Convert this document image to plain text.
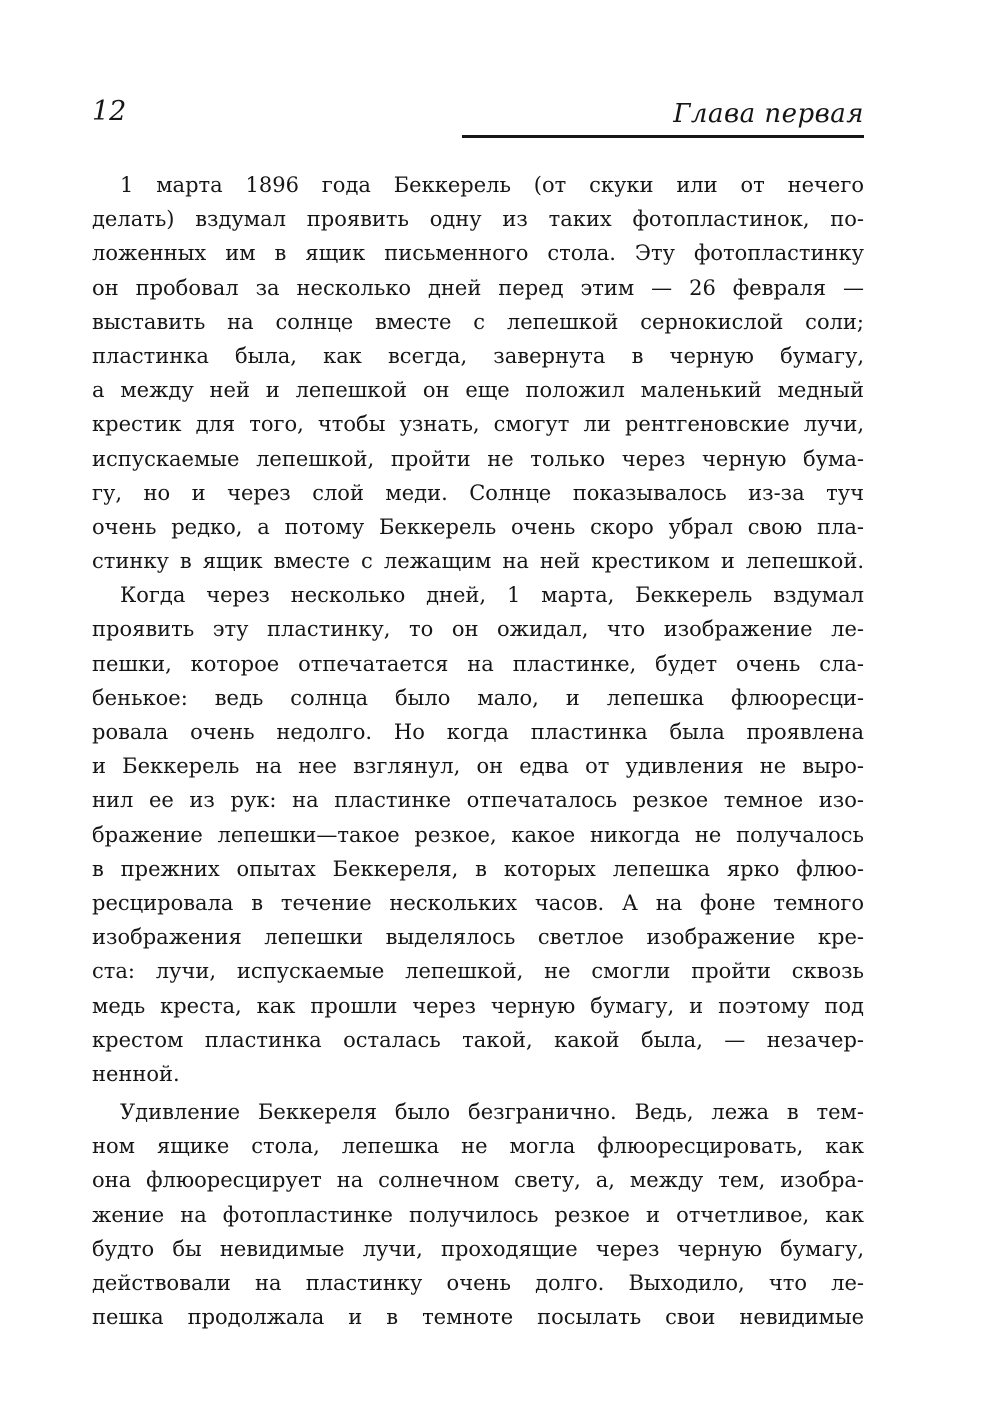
12	Глава первая
1 марта 1896 года Беккерель (от скуки или от нечего
делать) вздумал проявить одну из таких фотопластинок, по-
ложенных им в ящик письменного стола. Эту фотопластинку
он пробовал за несколько дней перед этим — 26 февраля —
выставить на солнце вместе с лепешкой сернокислой соли;
пластинка была, как всегда, завернута в черную бумагу,
а между ней и лепешкой он еще положил маленький медный
крестик для того, чтобы узнать, смогут ли рентгеновские лучи,
испускаемые лепешкой, пройти не только через черную бума-
гу, но и через слой меди. Солнце показывалось из-за туч
очень редко, а потому Беккерель очень скоро убрал свою пла-
стинку в ящик вместе с лежащим на ней крестиком и лепешкой.
Когда через несколько дней, 1 марта, Беккерель вздумал
проявить эту пластинку, то он ожидал, что изображение ле-
пешки, которое отпечатается на пластинке, будет очень сла-
бенькое: ведь солнца было мало, и лепешка флюоресци-
ровала очень недолго. Но когда пластинка была проявлена
и Беккерель на нее взглянул, он едва от удивления не выро-
нил ее из рук: на пластинке отпечаталось резкое темное изо-
бражение лепешки—такое резкое, какое никогда не получалось
в прежних опытах Беккереля, в которых лепешка ярко флюо-
ресцировала в течение нескольких часов. А на фоне темного
изображения лепешки выделялось светлое изображение кре-
ста: лучи, испускаемые лепешкой, не смогли пройти сквозь
медь креста, как прошли через черную бумагу, и поэтому под
крестом пластинка осталась такой, какой была, — незачер-
ненной.
Удивление Беккереля было безгранично. Ведь, лежа в тем-
ном ящике стола, лепешка не могла флюоресцировать, как
она флюоресцирует на солнечном свету, а, между тем, изобра-
жение на фотопластинке получилось резкое и отчетливое, как
будто бы невидимые лучи, проходящие через черную бумагу,
действовали на пластинку очень долго. Выходило, что ле-
пешка продолжала и в темноте посылать свои невидимые
